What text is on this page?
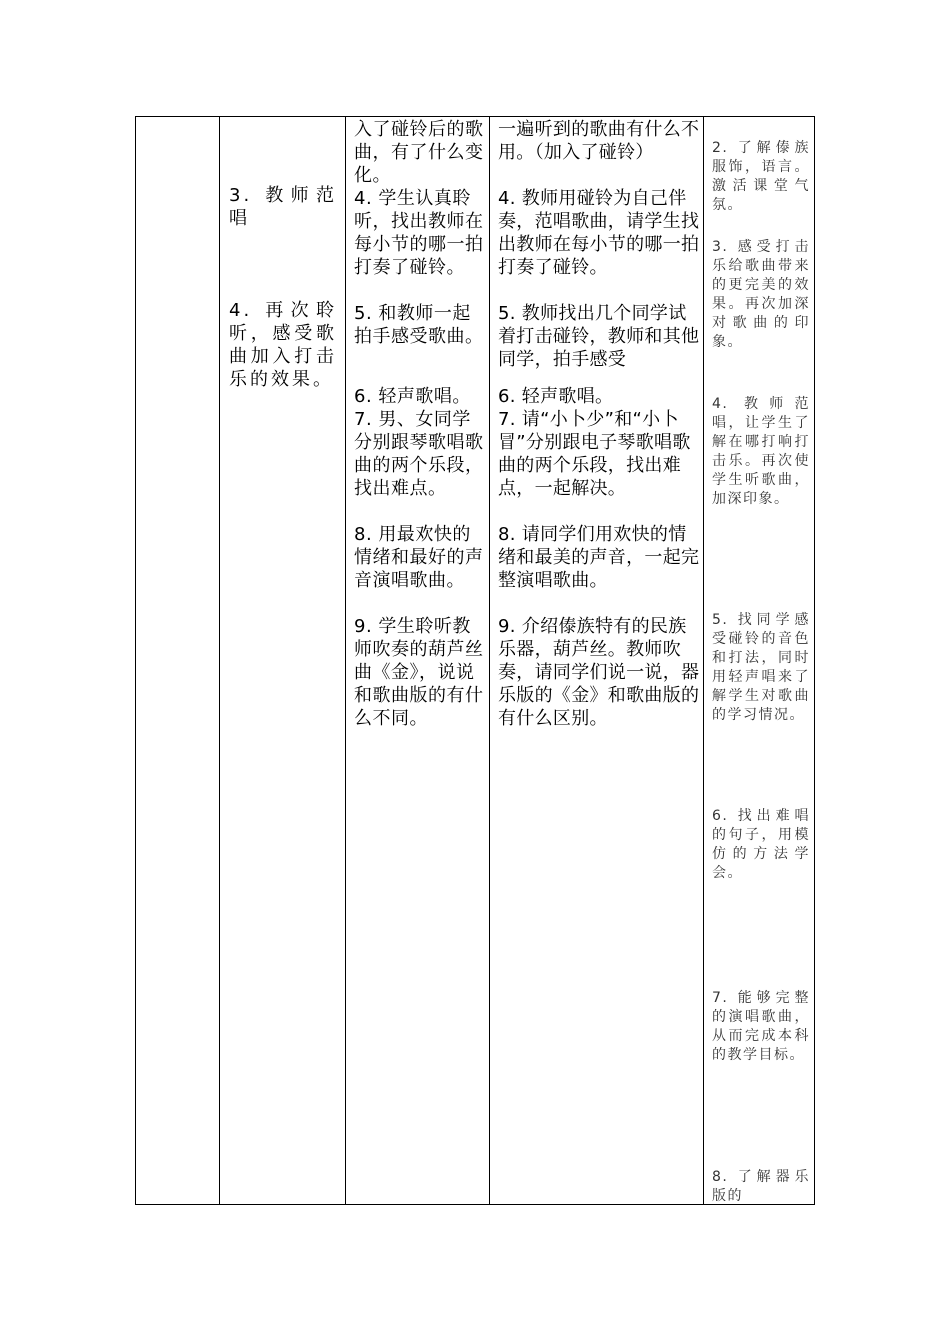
3. 教师范唱

4. 再次聆听，感受歌曲加入打击乐的效果。

入了碰铃后的歌曲，有了什么变化。

4. 学生认真聆听，找出教师在每小节的哪一拍打奏了碰铃。

5. 和教师一起拍手感受歌曲。

6. 轻声歌唱。

7. 男、女同学分别跟琴歌唱歌曲的两个乐段，找出难点。

8. 用最欢快的情绪和最好的声音演唱歌曲。

9. 学生聆听教师吹奏的葫芦丝曲《金》，说说和歌曲版的有什么不同。

一遍听到的歌曲有什么不用。（加入了碰铃）

4. 教师用碰铃为自己伴奏，范唱歌曲，请学生找出教师在每小节的哪一拍打奏了碰铃。

5. 教师找出几个同学试着打击碰铃，教师和其他同学，拍手感受

6. 轻声歌唱。

7. 请“小卜少”和“小卜冒”分别跟电子琴歌唱歌曲的两个乐段，找出难点，一起解决。

8. 请同学们用欢快的情绪和最美的声音，一起完整演唱歌曲。

9. 介绍傣族特有的民族乐器，葫芦丝。教师吹奏，请同学们说一说，器乐版的《金》和歌曲版的有什么区别。

2. 了解傣族服饰，语言。激活课堂气氛。

3. 感受打击乐给歌曲带来的更完美的效果。再次加深对歌曲的印象。

4. 教师范唱，让学生了解在哪打响打击乐。再次使学生听歌曲，加深印象。

5. 找同学感受碰铃的音色和打法，同时用轻声唱来了解学生对歌曲的学习情况。

6. 找出难唱的句子，用模仿的方法学会。

7. 能够完整的演唱歌曲，从而完成本科的教学目标。

8. 了解器乐版的
